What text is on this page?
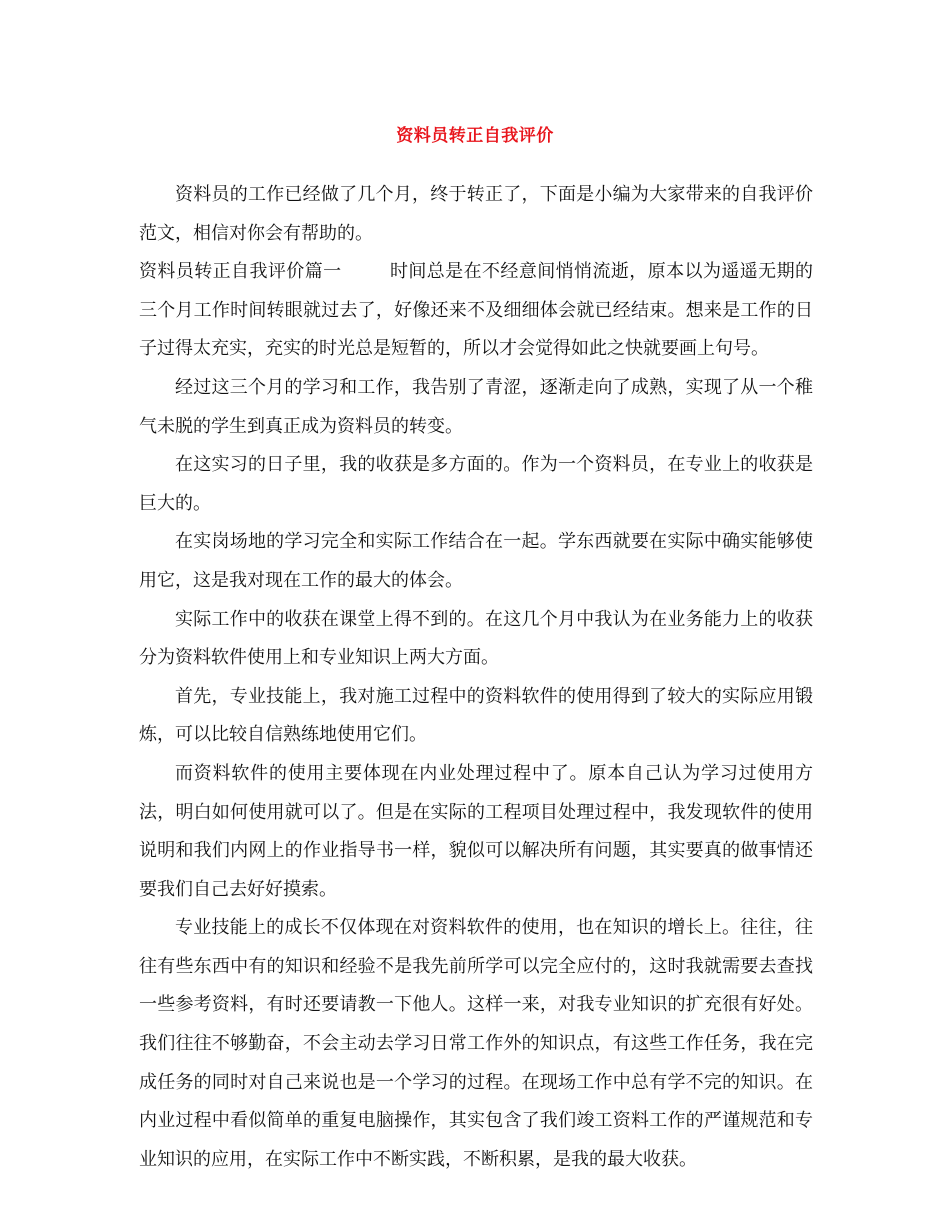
资料员转正自我评价

资料员的工作已经做了几个月，终于转正了，下面是小编为大家带来的自我评价范文，相信对你会有帮助的。

资料员转正自我评价篇一	时间总是在不经意间悄悄流逝，原本以为遥遥无期的三个月工作时间转眼就过去了，好像还来不及细细体会就已经结束。想来是工作的日子过得太充实，充实的时光总是短暂的，所以才会觉得如此之快就要画上句号。

经过这三个月的学习和工作，我告别了青涩，逐渐走向了成熟，实现了从一个稚气未脱的学生到真正成为资料员的转变。

在这实习的日子里，我的收获是多方面的。作为一个资料员，在专业上的收获是巨大的。

在实岗场地的学习完全和实际工作结合在一起。学东西就要在实际中确实能够使用它，这是我对现在工作的最大的体会。

实际工作中的收获在课堂上得不到的。在这几个月中我认为在业务能力上的收获分为资料软件使用上和专业知识上两大方面。

首先，专业技能上，我对施工过程中的资料软件的使用得到了较大的实际应用锻炼，可以比较自信熟练地使用它们。

而资料软件的使用主要体现在内业处理过程中了。原本自己认为学习过使用方法，明白如何使用就可以了。但是在实际的工程项目处理过程中，我发现软件的使用说明和我们内网上的作业指导书一样，貌似可以解决所有问题，其实要真的做事情还要我们自己去好好摸索。

专业技能上的成长不仅体现在对资料软件的使用，也在知识的增长上。往往，往往有些东西中有的知识和经验不是我先前所学可以完全应付的，这时我就需要去查找一些参考资料，有时还要请教一下他人。这样一来，对我专业知识的扩充很有好处。我们往往不够勤奋，不会主动去学习日常工作外的知识点，有这些工作任务，我在完成任务的同时对自己来说也是一个学习的过程。在现场工作中总有学不完的知识。在内业过程中看似简单的重复电脑操作，其实包含了我们竣工资料工作的严谨规范和专业知识的应用，在实际工作中不断实践，不断积累，是我的最大收获。
